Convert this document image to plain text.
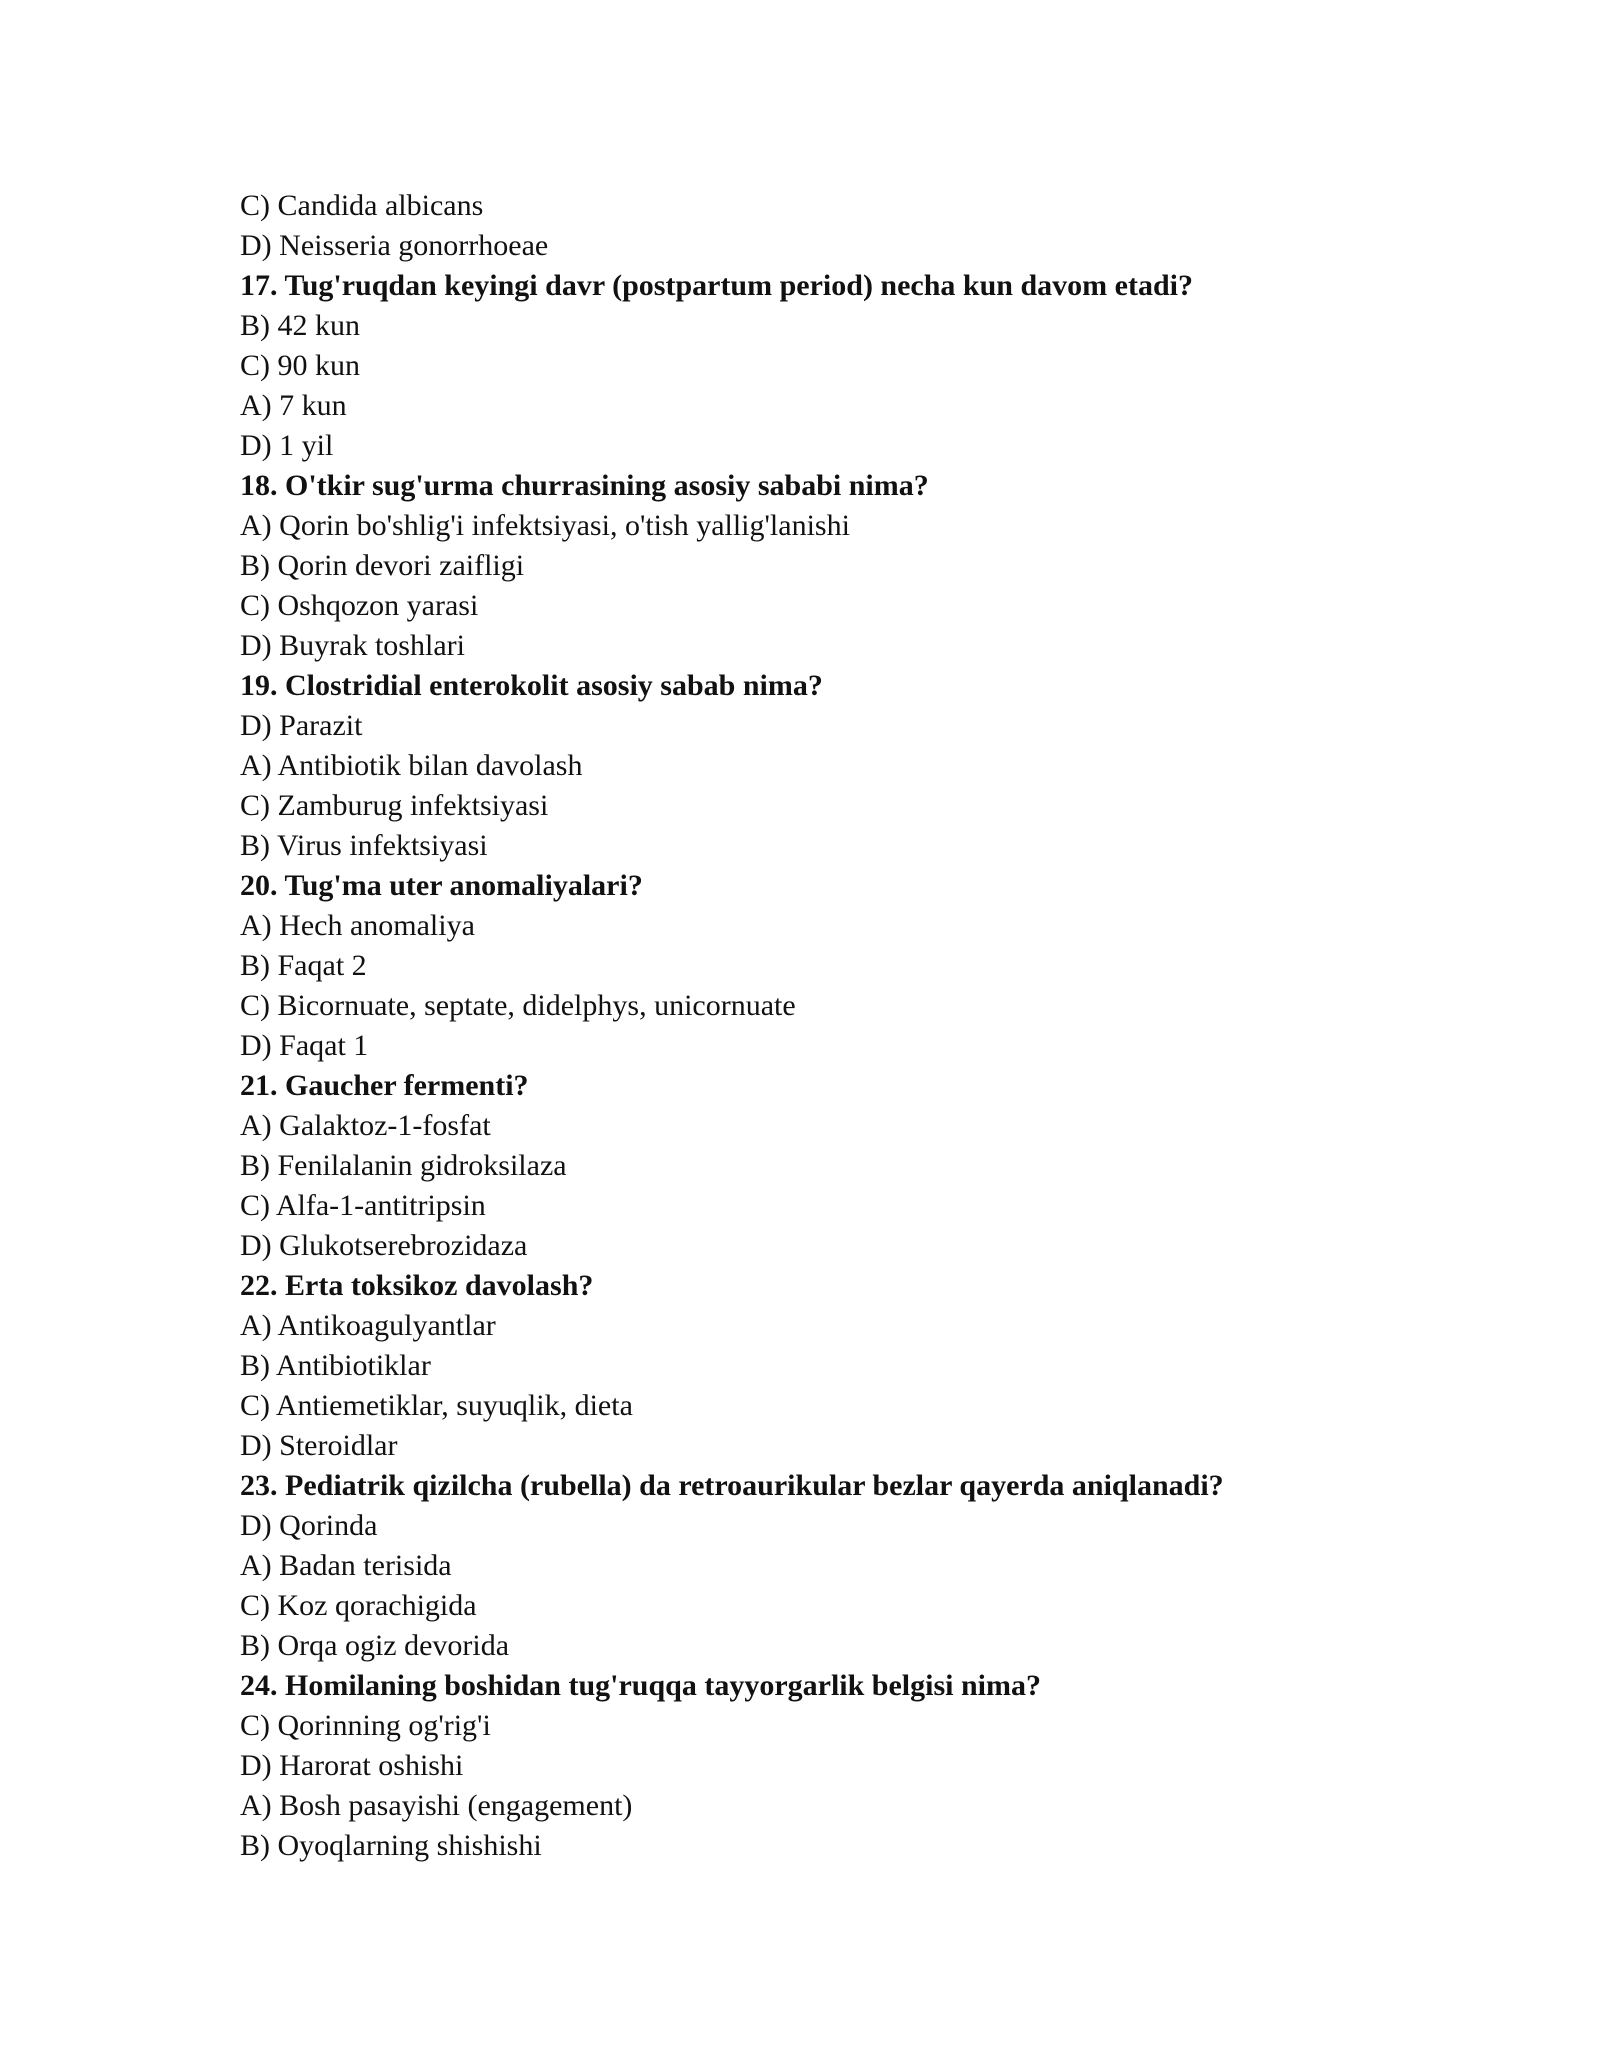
C) Candida albicans

D) Neisseria gonorrhoeae

17. Tug'ruqdan keyingi davr (postpartum period) necha kun davom etadi?

B) 42 kun

C) 90 kun

A) 7 kun

D) 1 yil

18. O'tkir sug'urma churrasining asosiy sababi nima?

A) Qorin bo'shlig'i infektsiyasi, o'tish yallig'lanishi

B) Qorin devori zaifligi

C) Oshqozon yarasi

D) Buyrak toshlari

19. Clostridial enterokolit asosiy sabab nima?

D) Parazit

A) Antibiotik bilan davolash

C) Zamburug infektsiyasi

B) Virus infektsiyasi

20. Tug'ma uter anomaliyalari?

A) Hech anomaliya

B) Faqat 2

C) Bicornuate, septate, didelphys, unicornuate

D) Faqat 1

21. Gaucher fermenti?

A) Galaktoz-1-fosfat

B) Fenilalanin gidroksilaza

C) Alfa-1-antitripsin

D) Glukotserebrozidaza

22. Erta toksikoz davolash?

A) Antikoagulyantlar

B) Antibiotiklar

C) Antiemetiklar, suyuqlik, dieta

D) Steroidlar

23. Pediatrik qizilcha (rubella) da retroaurikular bezlar qayerda aniqlanadi?

D) Qorinda

A) Badan terisida

C) Koz qorachigida

B) Orqa ogiz devorida

24. Homilaning boshidan tug'ruqqa tayyorgarlik belgisi nima?

C) Qorinning og'rig'i

D) Harorat oshishi

A) Bosh pasayishi (engagement)

B) Oyoqlarning shishishi
